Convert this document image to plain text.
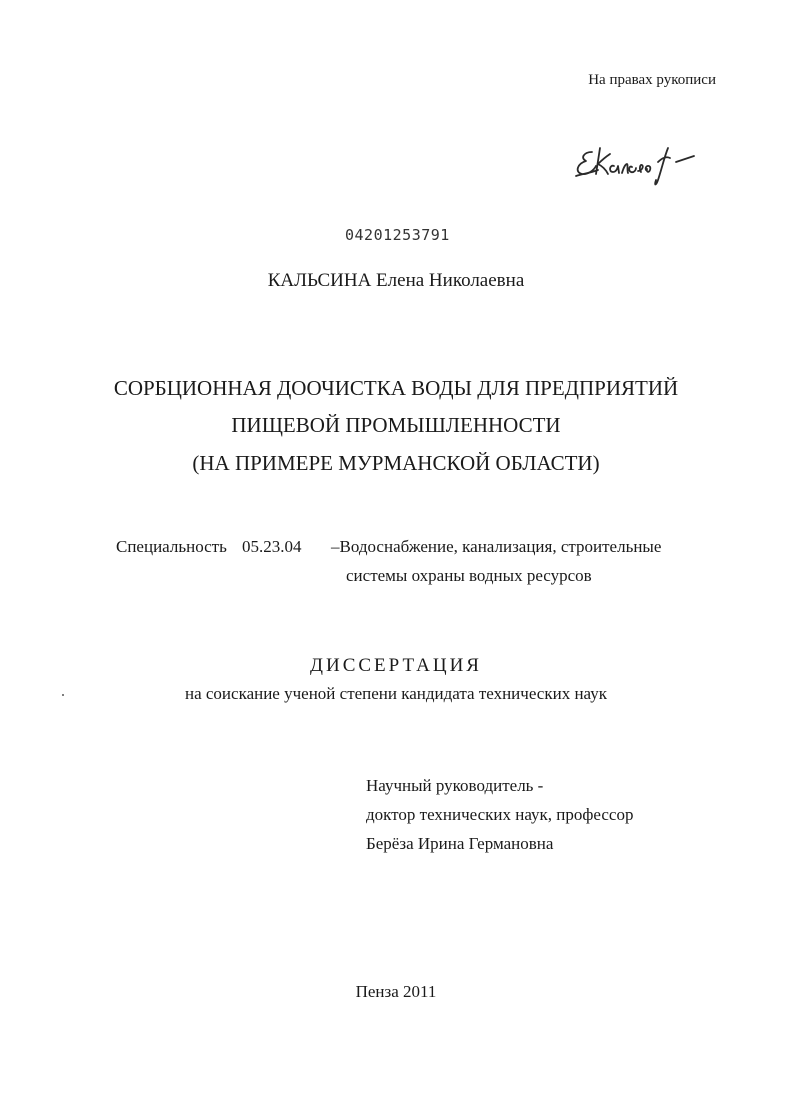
На правах рукописи
04201253791
КАЛЬСИНА Елена Николаевна
СОРБЦИОННАЯ ДООЧИСТКА ВОДЫ ДЛЯ ПРЕДПРИЯТИЙ
ПИЩЕВОЙ ПРОМЫШЛЕННОСТИ
(НА ПРИМЕРЕ МУРМАНСКОЙ ОБЛАСТИ)
Специальность 05.23.04 –Водоснабжение, канализация, строительные
системы охраны водных ресурсов
ДИССЕРТАЦИЯ
на соискание ученой степени кандидата технических наук
Научный руководитель -
доктор технических наук, профессор
Берёза Ирина Германовна
Пенза 2011
